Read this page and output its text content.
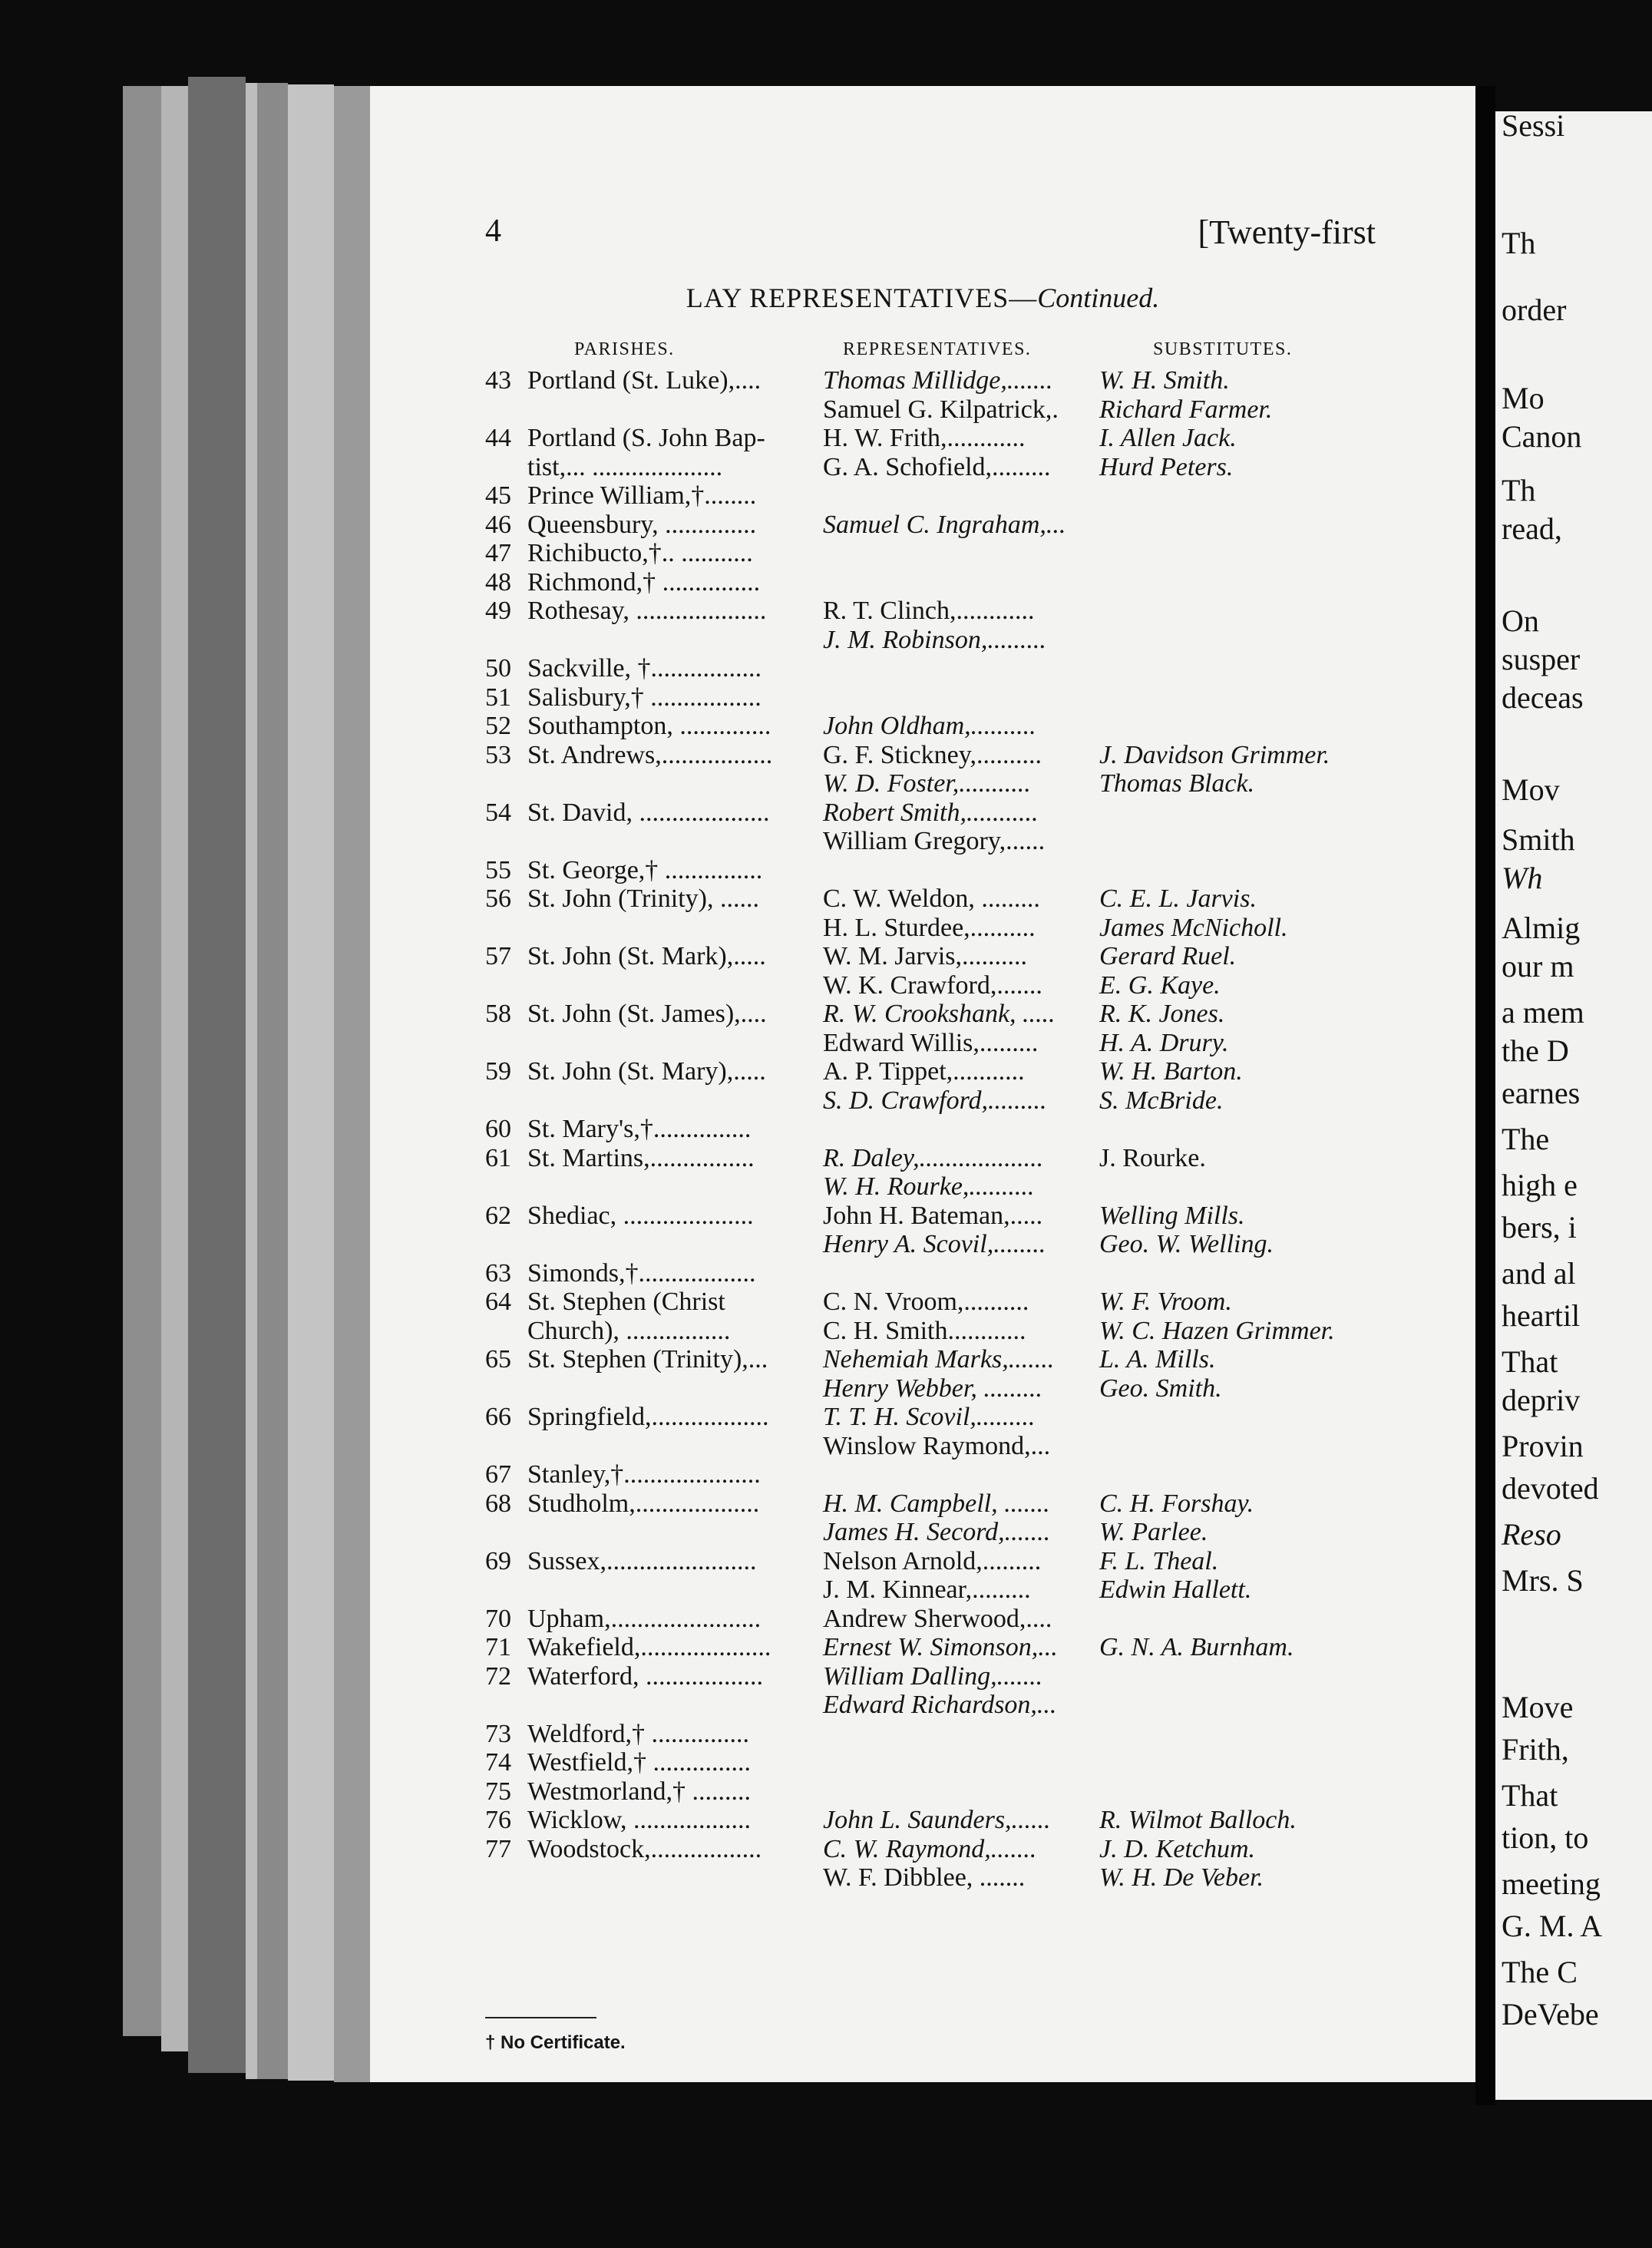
4	[Twenty-first
LAY REPRESENTATIVES—Continued.
PARISHES.	REPRESENTATIVES.	SUBSTITUTES.
43 Portland (St. Luke),.... Thomas Millidge,....... W. H. Smith.
Samuel G. Kilpatrick,. Richard Farmer.
44 Portland (S. John Bap- H. W. Frith,............	I. Allen Jack.
tist,... ....................	G. A. Schofield,......... Hurd Peters.
45 Prince William,†........
46 Queensbury, ..............	Samuel C. Ingraham,...
47 Richibucto,†.. ...........
48 Richmond,† ...............
49 Rothesay, .................... R. T. Clinch,............
J. M. Robinson,.........
50 Sackville, †.................
51 Salisbury,† .................
52 Southampton, .............. John Oldham,..........
53 St. Andrews,................. G. F. Stickney,.......... J. Davidson Grimmer.
W. D. Foster,...........	Thomas Black.
54 St. David, .................... Robert Smith,...........
William Gregory,......
55 St. George,† ...............
56 St. John (Trinity), ...... C. W. Weldon, ......... C. E. L. Jarvis.
H. L. Sturdee,.......... James McNicholl.
57 St. John (St. Mark),..... W. M. Jarvis,..........	Gerard Ruel.
W. K. Crawford,....... E. G. Kaye.
58 St. John (St. James),.... R. W. Crookshank, ..... R. K. Jones.
Edward Willis,......... H. A. Drury.
59 St. John (St. Mary),..... A. P. Tippet,...........	W. H. Barton.
S. D. Crawford,......... S. McBride.
60 St. Mary's,†...............
61 St. Martins,................	R. Daley,................... J. Rourke.
W. H. Rourke,..........
62 Shediac, ....................	John H. Bateman,..... Welling Mills.
Henry A. Scovil,........ Geo. W. Welling.
63 Simonds,†..................
64 St. Stephen (Christ	C. N. Vroom,..........	W. F. Vroom.
Church), ................	C. H. Smith............	W. C. Hazen Grimmer.
65 St. Stephen (Trinity),... Nehemiah Marks,....... L. A. Mills.
Henry Webber, ......... Geo. Smith.
66 Springfield,.................. T. T. H. Scovil,.........
Winslow Raymond,...
67 Stanley,†.....................
68 Studholm,................... H. M. Campbell, ....... C. H. Forshay.
James H. Secord,....... W. Parlee.
69 Sussex,.......................	Nelson Arnold,......... F. L. Theal.
J. M. Kinnear,.........	Edwin Hallett.
70 Upham,....................... Andrew Sherwood,....
71 Wakefield,.................... Ernest W. Simonson,... G. N. A. Burnham.
72 Waterford, .................. William Dalling,.......
Edward Richardson,...
73 Weldford,† ...............
74 Westfield,† ...............
75 Westmorland,† .........
76 Wicklow, ..................	John L. Saunders,...... R. Wilmot Balloch.
77 Woodstock,................. C. W. Raymond,....... J. D. Ketchum.
W. F. Dibblee, .......	W. H. De Veber.
† No Certificate.
Sessi
Th
order
Mo
Canon
Th
read,
On
susper
deceas
Mov
Smith
Wh
Almig
our m
a mem
the D
earnes
The
high e
bers, i
and al
heartil
That
depriv
Provin
devoted
Reso
Mrs. S
Move
Frith,
That
tion, to
meeting
G. M. A
The C
DeVebe
